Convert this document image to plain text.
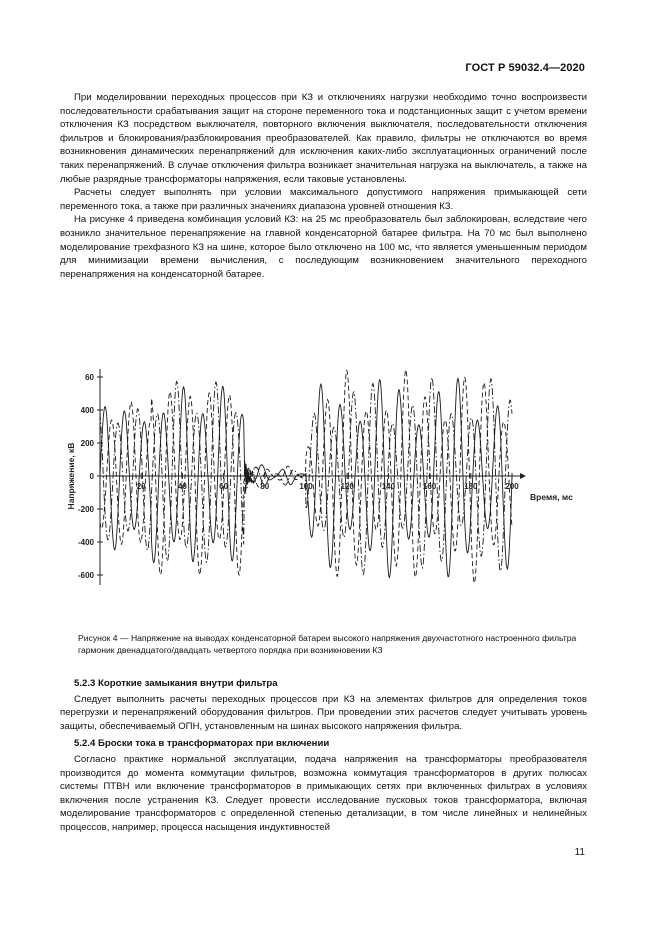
ГОСТ Р 59032.4—2020

При моделировании переходных процессов при КЗ и отключениях нагрузки необходимо точно воспроизвести последовательности срабатывания защит на стороне переменного тока и подстанционных защит с учетом времени отключения КЗ посредством выключателя, повторного включения выключателя, последовательности отключения фильтров и блокирования/разблокирования преобразователей. Как правило, фильтры не отключаются во время возникновения динамических перенапряжений для исключения каких-либо эксплуатационных ограничений после таких перенапряжений. В случае отключения фильтра возникает значительная нагрузка на выключатель, а также на любые разрядные трансформаторы напряжения, если таковые установлены.

Расчеты следует выполнять при условии максимального допустимого напряжения примыкающей сети переменного тока, а также при различных значениях диапазона уровней отношения КЗ.

На рисунке 4 приведена комбинация условий КЗ: на 25 мс преобразователь был заблокирован, вследствие чего возникло значительное перенапряжение на главной конденсаторной батарее фильтра. На 70 мс был выполнено моделирование трехфазного КЗ на шине, которое было отключено на 100 мс, что является уменьшенным периодом для минимизации времени вычисления, с последующим возникновением значительного переходного перенапряжения на конденсаторной батарее.

-600
-400
-200
0
200
400
60
20	40	60	80	100	120	140	160	180	200
Время, мс
Напряжение, кВ
Рисунок 4 — Напряжение на выводах конденсаторной батареи высокого напряжения двухчастотного настроенного фильтра гармоник двенадцатого/двадцать четвертого порядка при возникновении КЗ

5.2.3 Короткие замыкания внутри фильтра

Следует выполнить расчеты переходных процессов при КЗ на элементах фильтров для определения токов перегрузки и перенапряжений оборудования фильтров. При проведении этих расчетов следует учитывать уровень защиты, обеспечиваемый ОПН, установленным на шинах высокого напряжения фильтра.

5.2.4 Броски тока в трансформаторах при включении

Согласно практике нормальной эксплуатации, подача напряжения на трансформаторы преобразователя производится до момента коммутации фильтров, возможна коммутация трансформаторов в других полюсах системы ПТВН или включение трансформаторов в примыкающих сетях при включенных фильтрах в условиях включения после устранения КЗ. Следует провести исследование пусковых токов трансформатора, включая моделирование трансформаторов с определенной степенью детализации, в том числе линейных и нелинейных процессов, например, процесса насыщения индуктивностей

11
